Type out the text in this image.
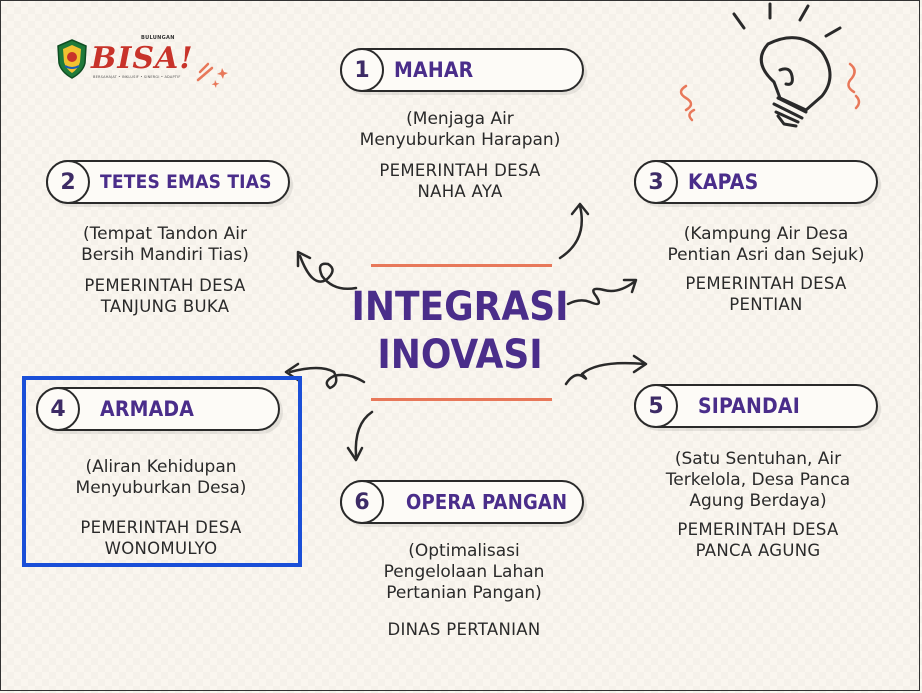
BULUNGAN
BISA!
BERSAHAJAT • INKLUSIF • SINERGI • ADAPTIF
INTEGRASI
INOVASI
1	MAHAR
(Menjaga Air
Menyuburkan Harapan)
PEMERINTAH DESA
NAHA AYA
2	TETES EMAS TIAS
(Tempat Tandon Air
Bersih Mandiri Tias)
PEMERINTAH DESA
TANJUNG BUKA
3	KAPAS
(Kampung Air Desa
Pentian Asri dan Sejuk)
PEMERINTAH DESA
PENTIAN
4	ARMADA
(Aliran Kehidupan
Menyuburkan Desa)
PEMERINTAH DESA
WONOMULYO
5	SIPANDAI
(Satu Sentuhan, Air
Terkelola, Desa Panca
Agung Berdaya)
PEMERINTAH DESA
PANCA AGUNG
6	OPERA PANGAN
(Optimalisasi
Pengelolaan Lahan
Pertanian Pangan)
DINAS PERTANIAN
